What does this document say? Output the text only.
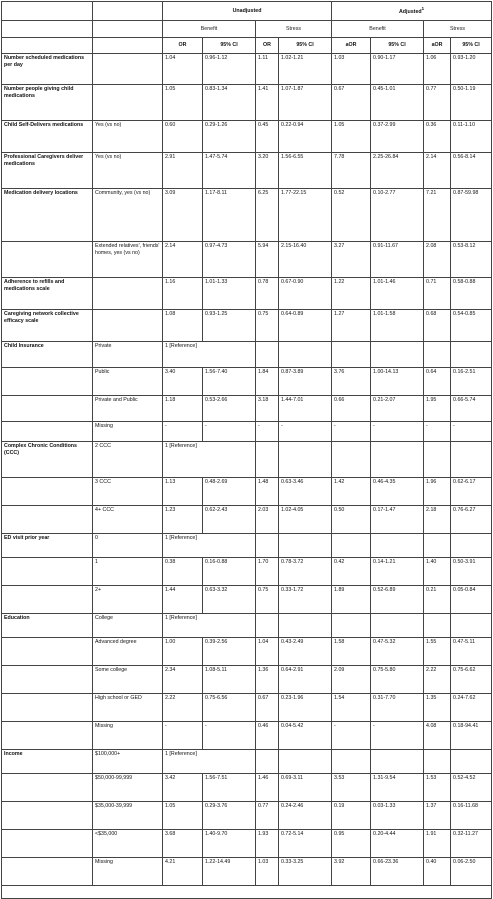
		Unadjusted				Adjusted$^1$
		Benefit		Stress		Benefit		Stress	
		OR	95% CI	OR	95% CI	aOR	95% CI	aOR	95% CI
Number scheduled medications per day		1.04	0.96-1.12	1.11	1.02-1.21	1.03	0.90-1.17	1.06	0.93-1.20
Number people giving child medications		1.05	0.83-1.34	1.41	1.07-1.87	0.67	0.45-1.01	0.77	0.50-1.19
Child Self-Delivers medications	Yes (vs no)	0.60	0.29-1.26	0.45	0.22-0.94	1.05	0.37-2.99	0.36	0.11-1.10
Professional Caregivers deliver medications	Yes (vs no)	2.91	1.47-5.74	3.20	1.56-6.55	7.78	2.25-26.84	2.14	0.56-8.14
Medication delivery locations	Community, yes (vs no)	3.09	1.17-8.11	6.25	1.77-22.15	0.52	0.10-2.77	7.21	0.87-59.98
	Extended relatives', friends' homes, yes (vs no)	2.14	0.97-4.73	5.94	2.15-16.40	3.27	0.91-11.67	2.08	0.53-8.12
Adherence to refills and medications scale		1.16	1.01-1.33	0.78	0.67-0.90	1.22	1.01-1.46	0.71	0.58-0.88
Caregiving network collective efficacy scale		1.08	0.93-1.25	0.75	0.64-0.89	1.27	1.01-1.58	0.68	0.54-0.85
Child Insurance	Private	1 [Reference]							
	Public	3.40	1.56-7.40	1.84	0.87-3.89	3.76	1.00-14.13	0.64	0.16-2.51
	Private and Public	1.18	0.53-2.66	3.18	1.44-7.01	0.66	0.21-2.07	1.95	0.66-5.74
	Missing	-	-	-	-	-	-	-	-
Complex Chronic Conditions (CCC)	2 CCC	1 [Reference]							
	3 CCC	1.13	0.48-2.69	1.48	0.63-3.46	1.42	0.46-4.35	1.96	0.62-6.17
	4+ CCC	1.23	0.62-2.43	2.03	1.02-4.05	0.50	0.17-1.47	2.18	0.76-6.27
ED visit prior year	0	1 [Reference]							
	1	0.38	0.16-0.88	1.70	0.78-3.72	0.42	0.14-1.21	1.40	0.50-3.91
	2+	1.44	0.63-3.32	0.75	0.33-1.72	1.89	0.52-6.89	0.21	0.05-0.84
Education	College	1 [Reference]							
	Advanced degree	1.00	0.39-2.56	1.04	0.43-2.49	1.58	0.47-5.32	1.55	0.47-5.11
	Some college	2.34	1.08-5.11	1.36	0.64-2.91	2.09	0.75-5.80	2.22	0.75-6.62
	High school or GED	2.22	0.75-6.56	0.67	0.23-1.96	1.54	0.31-7.70	1.35	0.24-7.62
	Missing	-	-	0.46	0.04-5.42	-	-	4.08	0.18-94.41
Income	$100,000+	1 [Reference]							
	$50,000-99,999	3.42	1.56-7.51	1.46	0.69-3.11	3.53	1.31-9.54	1.53	0.52-4.52
	$35,000-39,999	1.05	0.29-3.76	0.77	0.24-2.46	0.19	0.03-1.33	1.37	0.16-11.68
	<$35,000	3.68	1.40-9.70	1.93	0.72-5.14	0.95	0.20-4.44	1.91	0.32-11.27
	Missing	4.21	1.22-14.49	1.03	0.33-3.25	3.92	0.66-23.36	0.40	0.06-2.50
